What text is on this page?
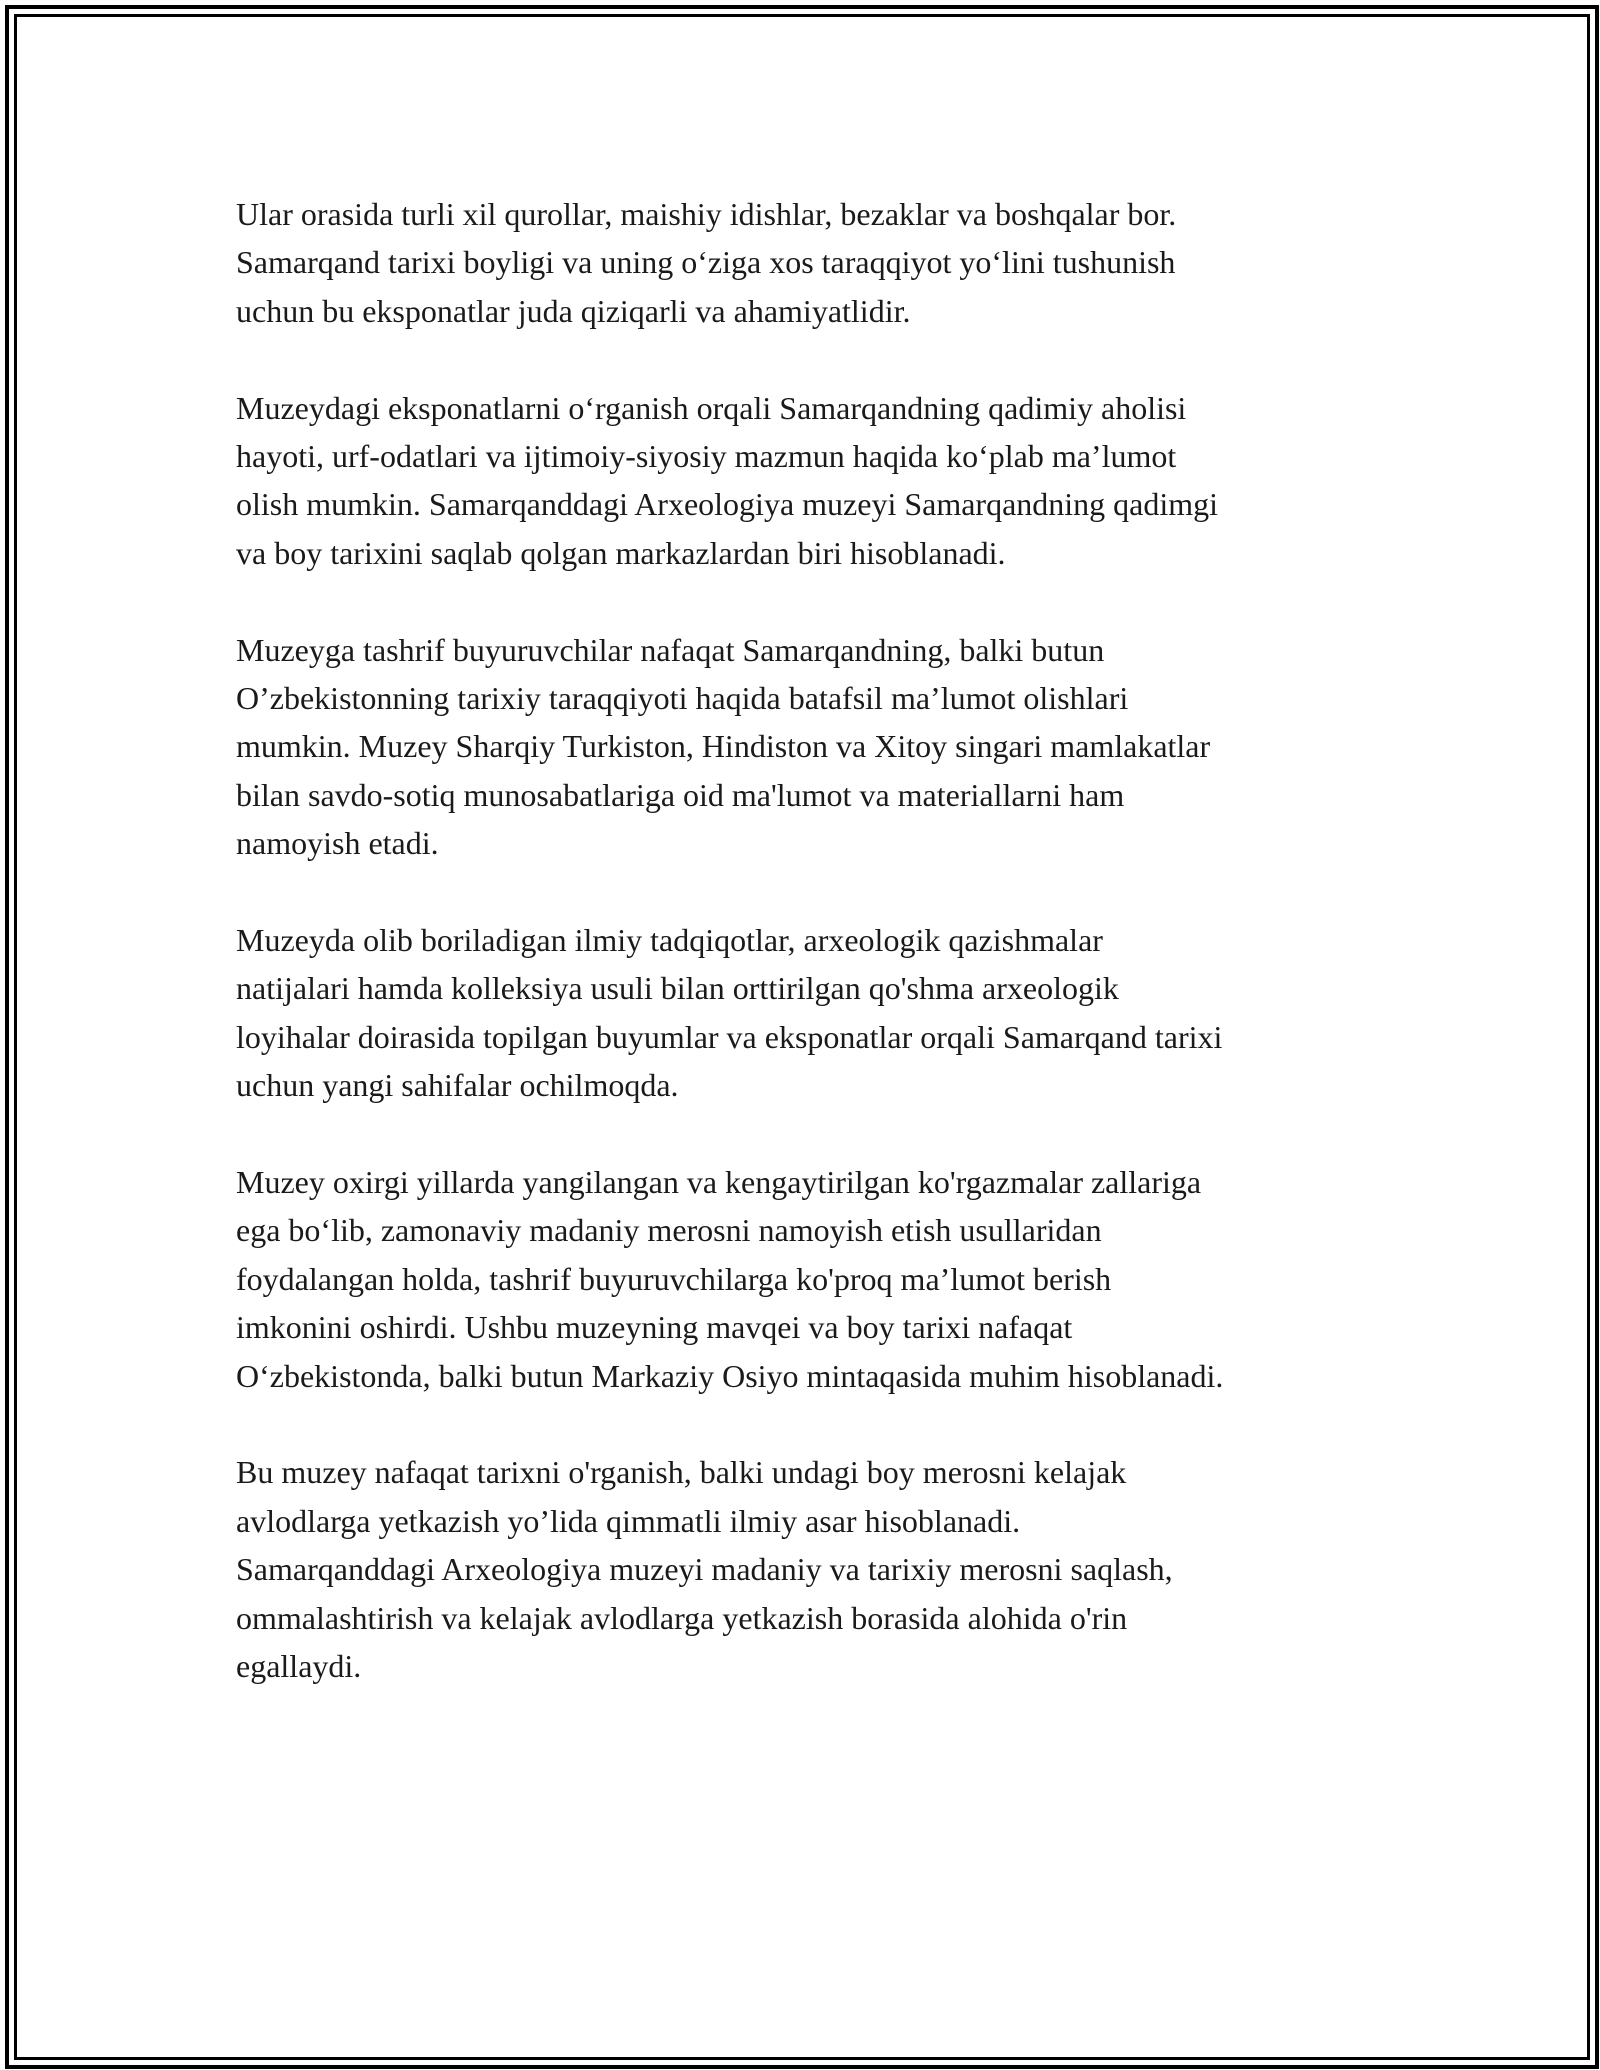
Ular orasida turli xil qurollar, maishiy idishlar, bezaklar va boshqalar bor.
Samarqand tarixi boyligi va uning o‘ziga xos taraqqiyot yo‘lini tushunish
uchun bu eksponatlar juda qiziqarli va ahamiyatlidir.

Muzeydagi eksponatlarni o‘rganish orqali Samarqandning qadimiy aholisi
hayoti, urf-odatlari va ijtimoiy-siyosiy mazmun haqida ko‘plab ma’lumot
olish mumkin. Samarqanddagi Arxeologiya muzeyi Samarqandning qadimgi
va boy tarixini saqlab qolgan markazlardan biri hisoblanadi.

Muzeyga tashrif buyuruvchilar nafaqat Samarqandning, balki butun
O’zbekistonning tarixiy taraqqiyoti haqida batafsil ma’lumot olishlari
mumkin. Muzey Sharqiy Turkiston, Hindiston va Xitoy singari mamlakatlar
bilan savdo-sotiq munosabatlariga oid ma'lumot va materiallarni ham
namoyish etadi.

Muzeyda olib boriladigan ilmiy tadqiqotlar, arxeologik qazishmalar
natijalari hamda kolleksiya usuli bilan orttirilgan qo'shma arxeologik
loyihalar doirasida topilgan buyumlar va eksponatlar orqali Samarqand tarixi
uchun yangi sahifalar ochilmoqda.

Muzey oxirgi yillarda yangilangan va kengaytirilgan ko'rgazmalar zallariga
ega bo‘lib, zamonaviy madaniy merosni namoyish etish usullaridan
foydalangan holda, tashrif buyuruvchilarga ko'proq ma’lumot berish
imkonini oshirdi. Ushbu muzeyning mavqei va boy tarixi nafaqat
O‘zbekistonda, balki butun Markaziy Osiyo mintaqasida muhim hisoblanadi.

Bu muzey nafaqat tarixni o'rganish, balki undagi boy merosni kelajak
avlodlarga yetkazish yo’lida qimmatli ilmiy asar hisoblanadi.
Samarqanddagi Arxeologiya muzeyi madaniy va tarixiy merosni saqlash,
ommalashtirish va kelajak avlodlarga yetkazish borasida alohida o'rin
egallaydi.
